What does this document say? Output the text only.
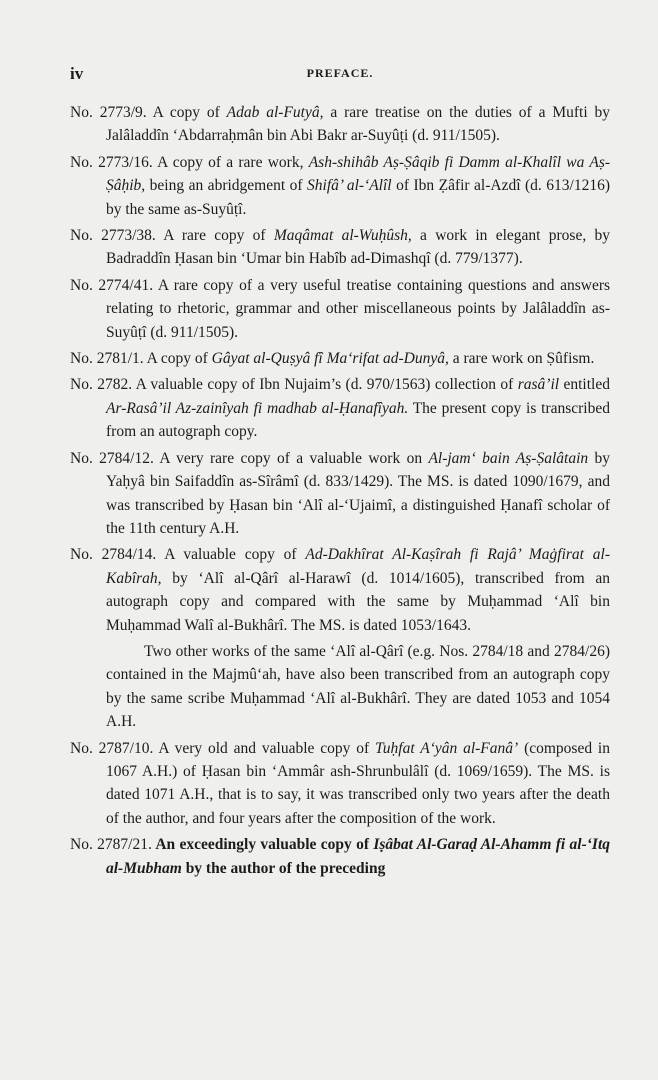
iv	PREFACE.

No. 2773/9. A copy of Adab al-Futyâ, a rare treatise on the duties of a Mufti by Jalâladdîn ‘Abdarraḥmân bin Abi Bakr ar-Suyûṭi (d. 911/1505).

No. 2773/16. A copy of a rare work, Ash-shihâb Aṣ-Ṣâqib fi Damm al-Khalîl wa Aṣ-Ṣâḥib, being an abridgement of Shifâ’ al-‘Alîl of Ibn Ẓâfir al-Azdî (d. 613/1216) by the same as-Suyûṭî.

No. 2773/38. A rare copy of Maqâmat al-Wuḥûsh, a work in elegant prose, by Badraddîn Ḥasan bin ‘Umar bin Habîb ad-Dimashqî (d. 779/1377).

No. 2774/41. A rare copy of a very useful treatise containing questions and answers relating to rhetoric, grammar and other miscellaneous points by Jalâladdîn as-Suyûṭî (d. 911/1505).

No. 2781/1. A copy of Gâyat al-Quṣyâ fî Ma‘rifat ad-Dunyâ, a rare work on Ṣûfism.

No. 2782. A valuable copy of Ibn Nujaim’s (d. 970/1563) collection of rasâ’il entitled Ar-Rasâ’il Az-zainîyah fi madhab al-Ḥanafîyah. The present copy is transcribed from an autograph copy.

No. 2784/12. A very rare copy of a valuable work on Al-jam‘ bain Aṣ-Ṣalâtain by Yaḥyâ bin Saifaddîn as-Sîrâmî (d. 833/1429). The MS. is dated 1090/1679, and was transcribed by Ḥasan bin ‘Alî al-‘Ujaimî, a distinguished Ḥanafî scholar of the 11th century A.H.

No. 2784/14. A valuable copy of Ad-Dakhîrat Al-Kaṣîrah fi Rajâ’ Maġfirat al-Kabîrah, by ‘Alî al-Qârî al-Harawî (d. 1014/1605), transcribed from an autograph copy and compared with the same by Muḥammad ‘Alî bin Muḥammad Walî al-Bukhârî. The MS. is dated 1053/1643.

Two other works of the same ‘Alî al-Qârî (e.g. Nos. 2784/18 and 2784/26) contained in the Majmû‘ah, have also been transcribed from an autograph copy by the same scribe Muḥammad ‘Alî al-Bukhârî. They are dated 1053 and 1054 A.H.

No. 2787/10. A very old and valuable copy of Tuḥfat A‘yân al-Fanâ’ (composed in 1067 A.H.) of Ḥasan bin ‘Ammâr ash-Shrunbulâlî (d. 1069/1659). The MS. is dated 1071 A.H., that is to say, it was transcribed only two years after the death of the author, and four years after the composition of the work.

No. 2787/21. An exceedingly valuable copy of Iṣâbat Al-Garaḍ Al-Ahamm fi al-‘Itq al-Mubham by the author of the preceding
